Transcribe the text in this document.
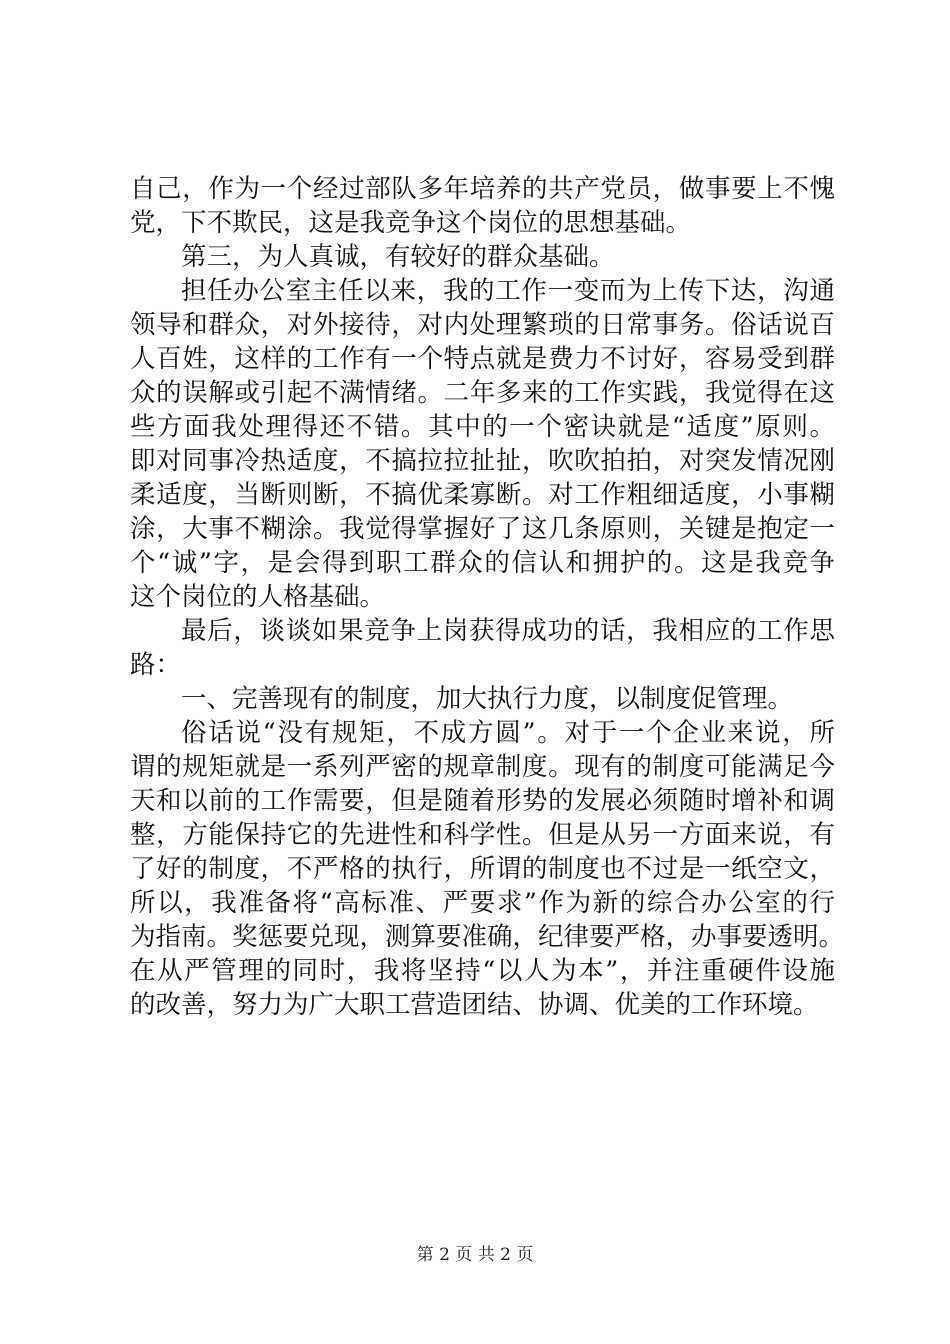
自己，作为一个经过部队多年培养的共产党员，做事要上不愧
党，下不欺民，这是我竞争这个岗位的思想基础。
第三，为人真诚，有较好的群众基础。
担任办公室主任以来，我的工作一变而为上传下达，沟通
领导和群众，对外接待，对内处理繁琐的日常事务。俗话说百
人百姓，这样的工作有一个特点就是费力不讨好，容易受到群
众的误解或引起不满情绪。二年多来的工作实践，我觉得在这
些方面我处理得还不错。其中的一个密诀就是“适度”原则。
即对同事冷热适度，不搞拉拉扯扯，吹吹拍拍，对突发情况刚
柔适度，当断则断，不搞优柔寡断。对工作粗细适度，小事糊
涂，大事不糊涂。我觉得掌握好了这几条原则，关键是抱定一
个“诚”字，是会得到职工群众的信认和拥护的。这是我竞争
这个岗位的人格基础。
最后，谈谈如果竞争上岗获得成功的话，我相应的工作思
路：
一、完善现有的制度，加大执行力度，以制度促管理。
俗话说“没有规矩，不成方圆”。对于一个企业来说，所
谓的规矩就是一系列严密的规章制度。现有的制度可能满足今
天和以前的工作需要，但是随着形势的发展必须随时增补和调
整，方能保持它的先进性和科学性。但是从另一方面来说，有
了好的制度，不严格的执行，所谓的制度也不过是一纸空文，
所以，我准备将“高标准、严要求”作为新的综合办公室的行
为指南。奖惩要兑现，测算要准确，纪律要严格，办事要透明。
在从严管理的同时，我将坚持“以人为本”，并注重硬件设施
的改善，努力为广大职工营造团结、协调、优美的工作环境。
第 2 页 共 2 页
